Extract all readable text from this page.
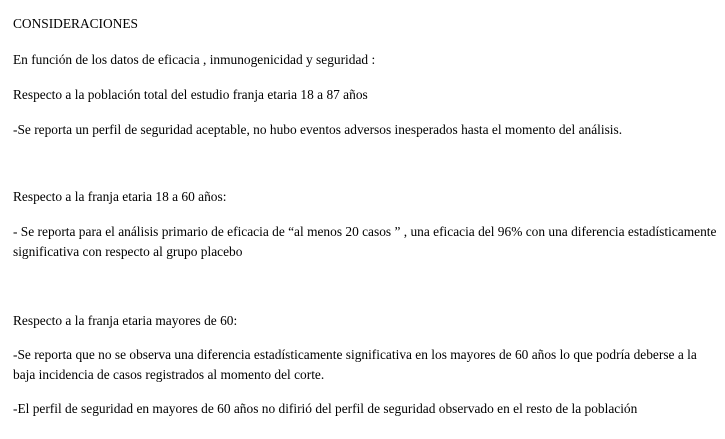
CONSIDERACIONES
En función de los datos de eficacia , inmunogenicidad y seguridad :
Respecto a la población total del estudio franja etaria 18 a 87 años
-Se reporta un perfil de seguridad aceptable, no hubo eventos adversos inesperados hasta el momento del análisis.
Respecto a la franja etaria 18 a 60 años:
- Se reporta para el análisis primario de eficacia de “al menos 20 casos ” , una eficacia del 96% con una diferencia estadísticamente significativa con respecto al grupo placebo
Respecto a la franja etaria mayores de 60:
-Se reporta que no se observa una diferencia estadísticamente significativa en los mayores de 60 años lo que podría deberse a la baja incidencia de casos registrados al momento del corte.
-El perfil de seguridad en mayores de 60 años no difirió del perfil de seguridad observado en el resto de la población
